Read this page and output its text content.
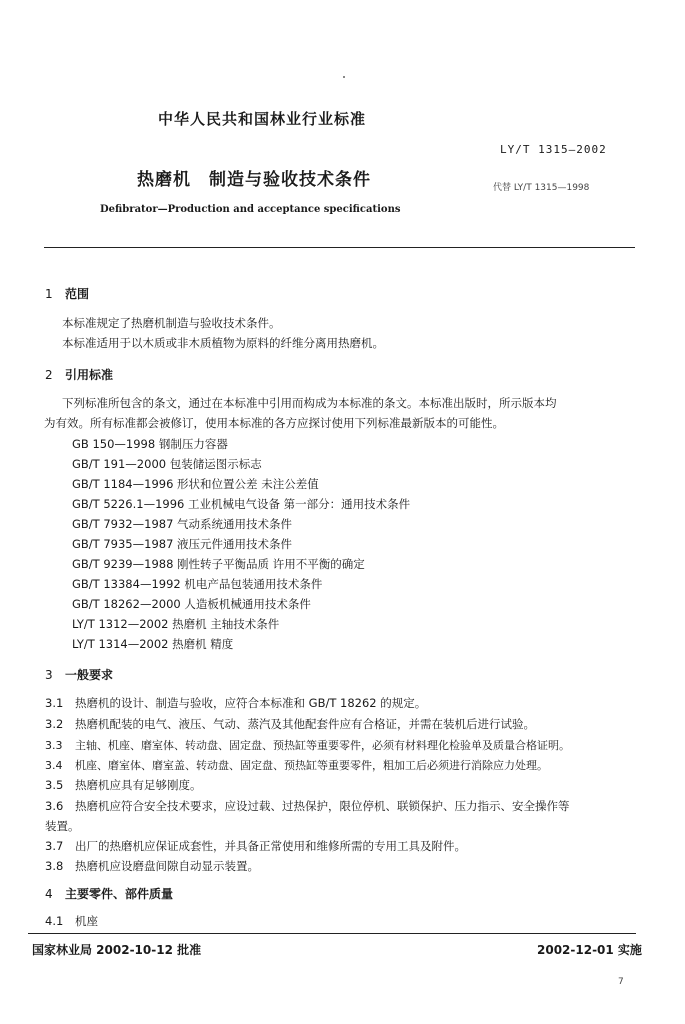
中华人民共和国林业行业标准
LY/T 1315—2002
热磨机 制造与验收技术条件	代替 LY/T 1315—1998
Defibrator—Production and acceptance specifications
1 范围
本标准规定了热磨机制造与验收技术条件。
本标准适用于以木质或非木质植物为原料的纤维分离用热磨机。
2 引用标准
下列标准所包含的条文，通过在本标准中引用而构成为本标准的条文。本标准出版时，所示版本均
为有效。所有标准都会被修订，使用本标准的各方应探讨使用下列标准最新版本的可能性。
GB 150—1998 钢制压力容器
GB/T 191—2000 包装储运图示标志
GB/T 1184—1996 形状和位置公差 未注公差值
GB/T 5226.1—1996 工业机械电气设备 第一部分：通用技术条件
GB/T 7932—1987 气动系统通用技术条件
GB/T 7935—1987 液压元件通用技术条件
GB/T 9239—1988 刚性转子平衡品质 许用不平衡的确定
GB/T 13384—1992 机电产品包装通用技术条件
GB/T 18262—2000 人造板机械通用技术条件
LY/T 1312—2002 热磨机 主轴技术条件
LY/T 1314—2002 热磨机 精度
3 一般要求
3.1 热磨机的设计、制造与验收，应符合本标准和 GB/T 18262 的规定。
3.2 热磨机配装的电气、液压、气动、蒸汽及其他配套件应有合格证，并需在装机后进行试验。
3.3 主轴、机座、磨室体、转动盘、固定盘、预热缸等重要零件，必须有材料理化检验单及质量合格证明。
3.4 机座、磨室体、磨室盖、转动盘、固定盘、预热缸等重要零件，粗加工后必须进行消除应力处理。
3.5 热磨机应具有足够刚度。
3.6 热磨机应符合安全技术要求，应设过载、过热保护，限位停机、联锁保护、压力指示、安全操作等
装置。
3.7 出厂的热磨机应保证成套性，并具备正常使用和维修所需的专用工具及附件。
3.8 热磨机应设磨盘间隙自动显示装置。
4 主要零件、部件质量
4.1 机座
国家林业局 2002-10-12 批准	2002-12-01 实施
7
